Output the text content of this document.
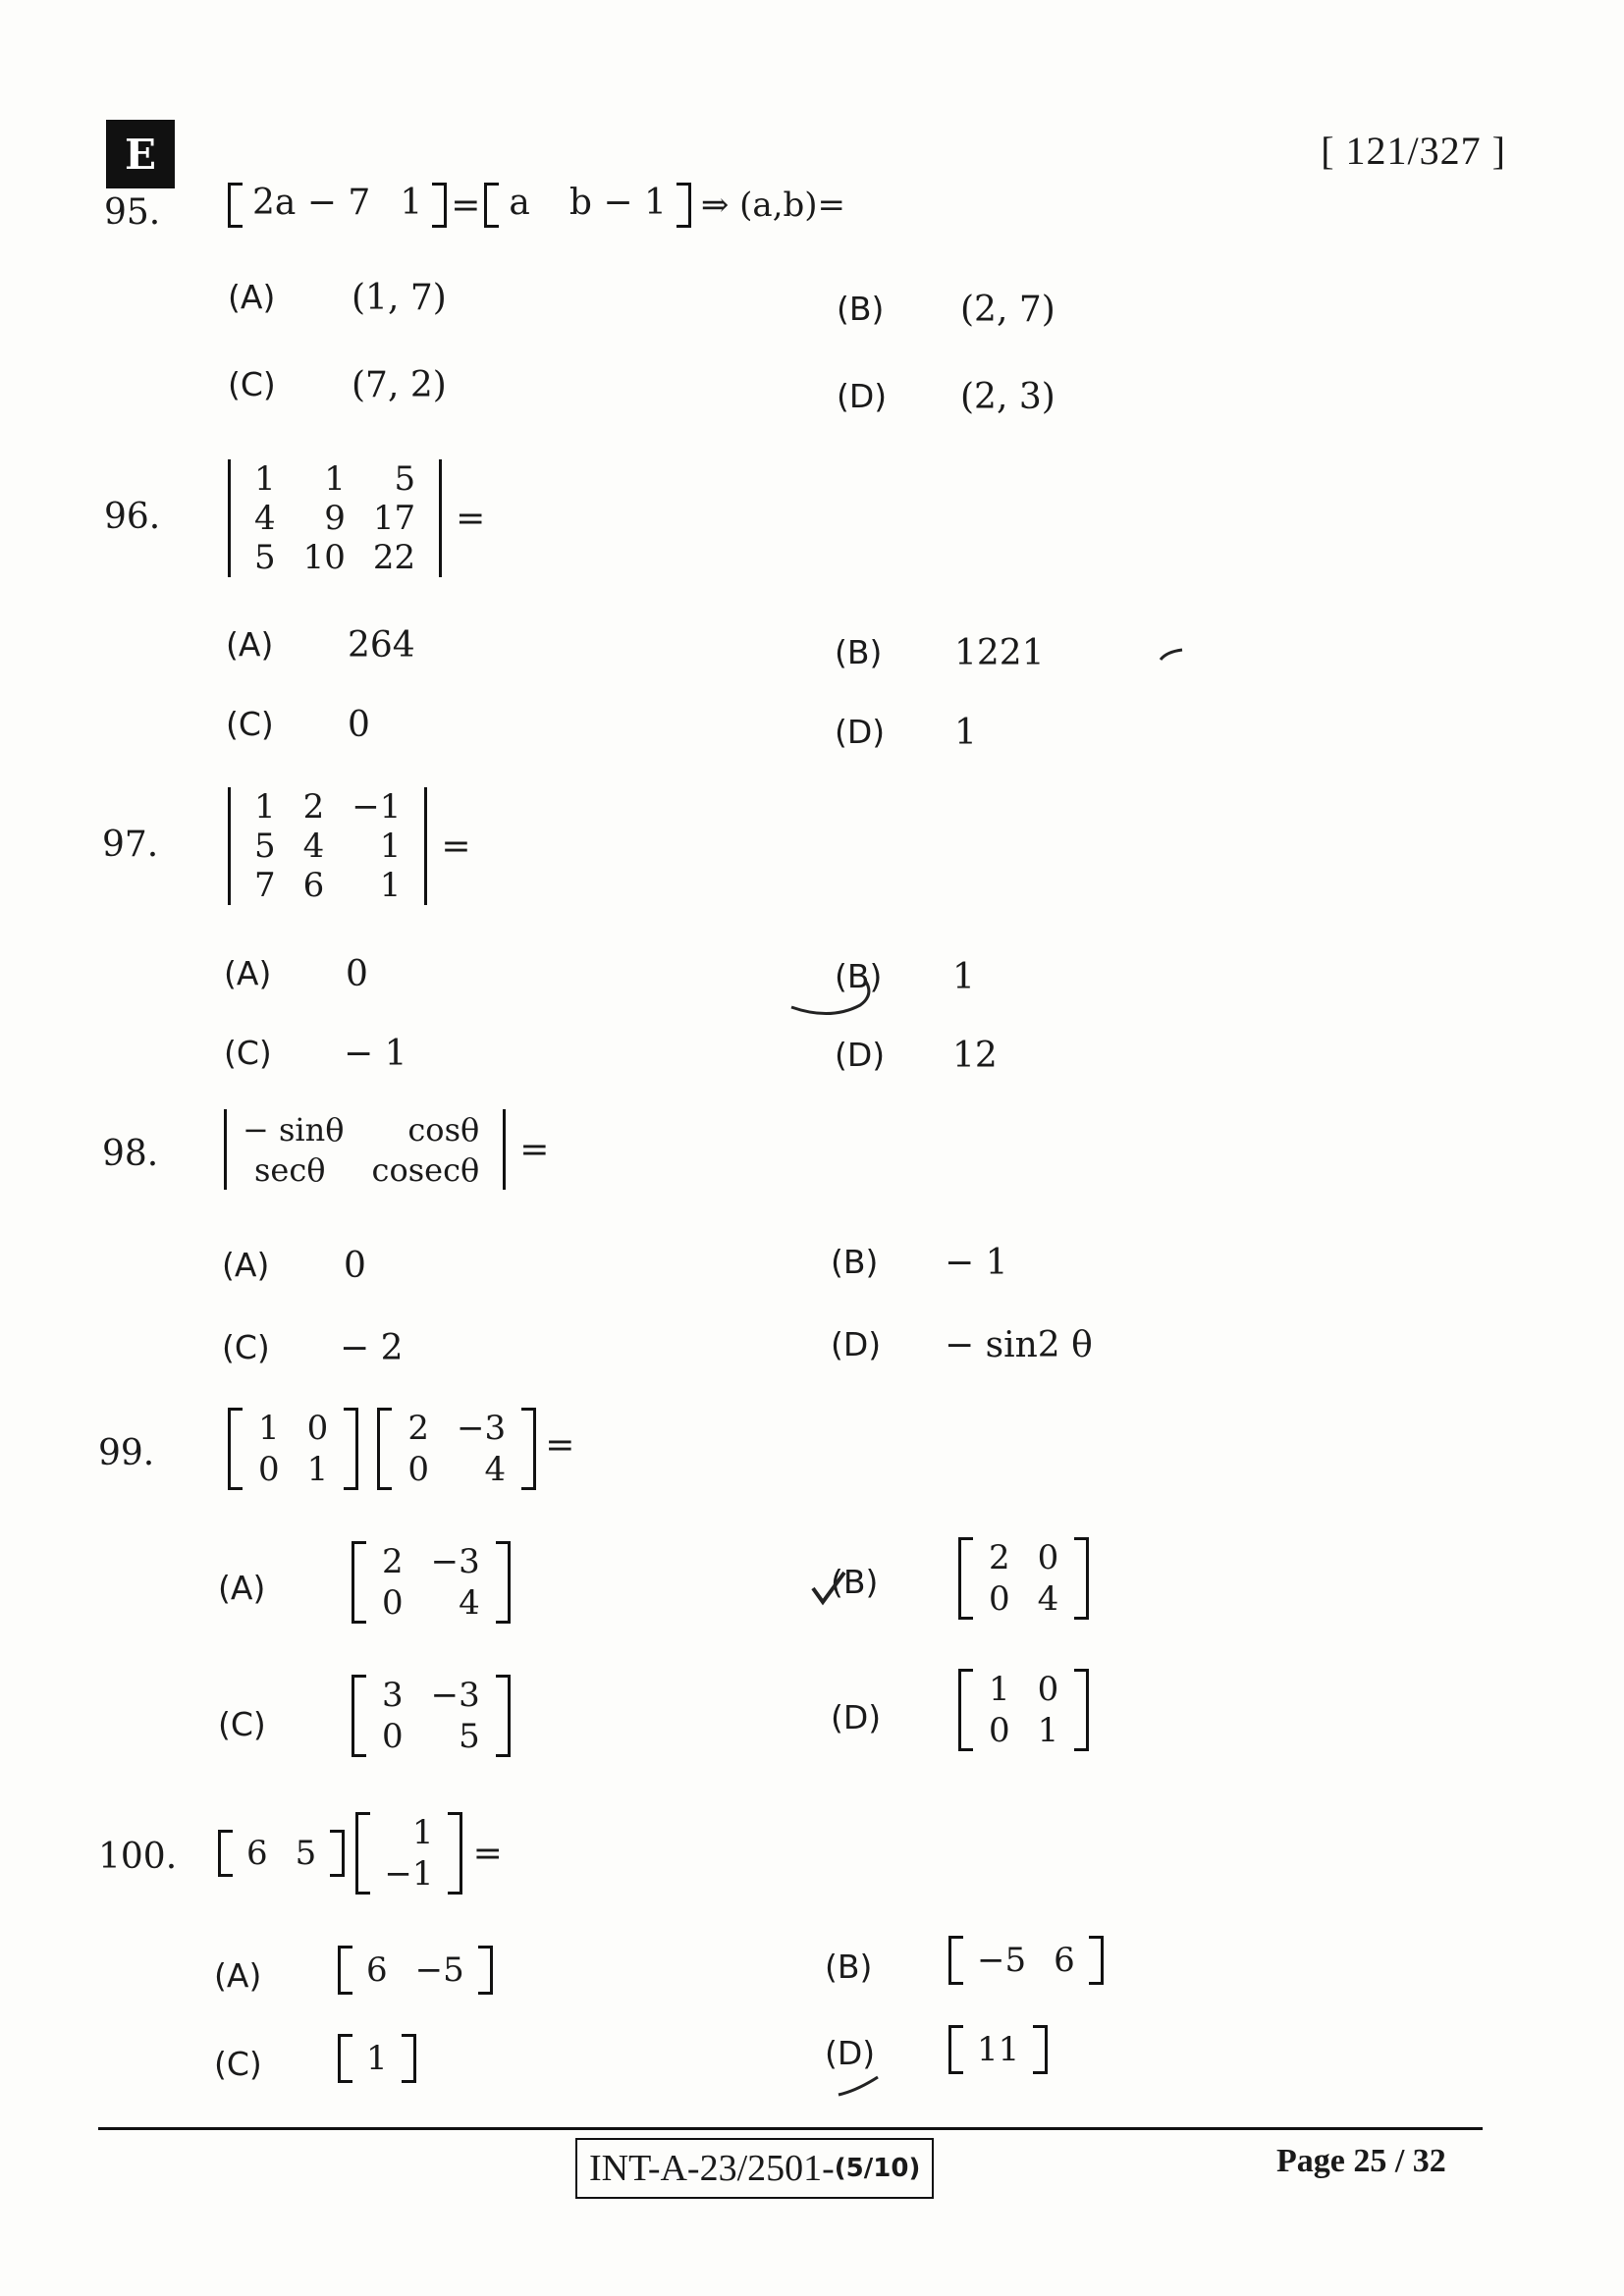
E	[ 121/327 ]
95.	2a − 7 1 = a	b − 1 ⇒ (a,b)=
(A) (1, 7)	(B) (2, 7)
(C) (7, 2)	(D) (2, 3)
96.
1	1	5
4	9 17
5 10 22
=
(A) 264	(B) 1221
(C) 0	(D) 1
97.
1 2 −1
5 4	1
7 6	1
=
(A) 0	(B) 1
(C) − 1	(D) 12
98.
− sinθ	cosθ
secθ	cosecθ	=
(A) 0	(B) − 1
(C) − 2	(D) − sin2 θ
99.
1 0
0 1

2 −3
0	4
=
(A)
2 −3
0	4
(B)
2 0
0 4
(C)
3 −3
0	5	(D)
1 0
0 1
100.	6 5

1
−1	=
(A)	6 −5	(B)	−5 6
(C)	1	(D)	11
INT-A-23/2501- (5/10)	Page 25 / 32
